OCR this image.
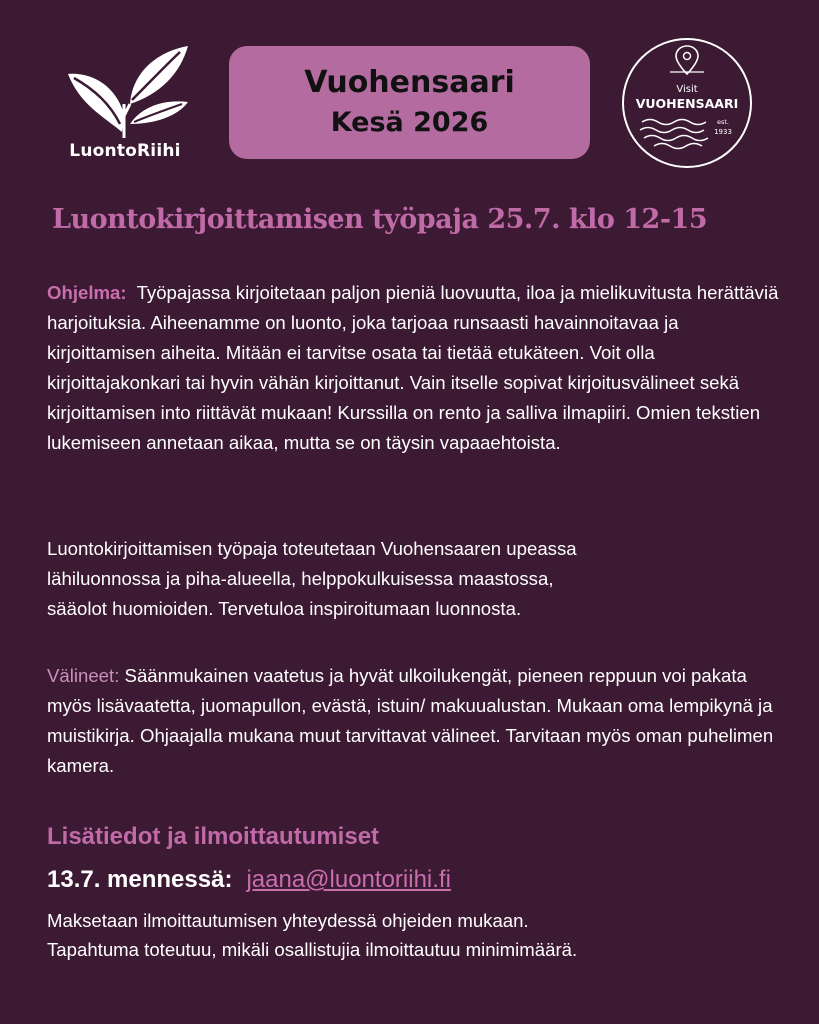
LuontoRiihi
Vuohensaari
Kesä 2026
Visit
VUOHENSAARI
est.
1933
Luontokirjoittamisen työpaja 25.7. klo 12-15
Ohjelma: Työpajassa kirjoitetaan paljon pieniä luovuutta, iloa ja mielikuvitusta herättäviä harjoituksia. Aiheenamme on luonto, joka tarjoaa runsaasti havainnoitavaa ja kirjoittamisen aiheita. Mitään ei tarvitse osata tai tietää etukäteen. Voit olla kirjoittajakonkari tai hyvin vähän kirjoittanut. Vain itselle sopivat kirjoitusvälineet sekä kirjoittamisen into riittävät mukaan! Kurssilla on rento ja salliva ilmapiiri. Omien tekstien lukemiseen annetaan aikaa, mutta se on täysin vapaaehtoista.
Luontokirjoittamisen työpaja toteutetaan Vuohensaaren upeassa
lähiluonnossa ja piha-alueella, helppokulkuisessa maastossa,
sääolot huomioiden. Tervetuloa inspiroitumaan luonnosta.
Välineet: Säänmukainen vaatetus ja hyvät ulkoilukengät, pieneen reppuun voi pakata myös lisävaatetta, juomapullon, evästä, istuin/ makuualustan. Mukaan oma lempikynä ja muistikirja. Ohjaajalla mukana muut tarvittavat välineet. Tarvitaan myös oman puhelimen kamera.
Lisätiedot ja ilmoittautumiset
13.7. mennessä: jaana@luontoriihi.fi
Maksetaan ilmoittautumisen yhteydessä ohjeiden mukaan.
Tapahtuma toteutuu, mikäli osallistujia ilmoittautuu minimimäärä.
